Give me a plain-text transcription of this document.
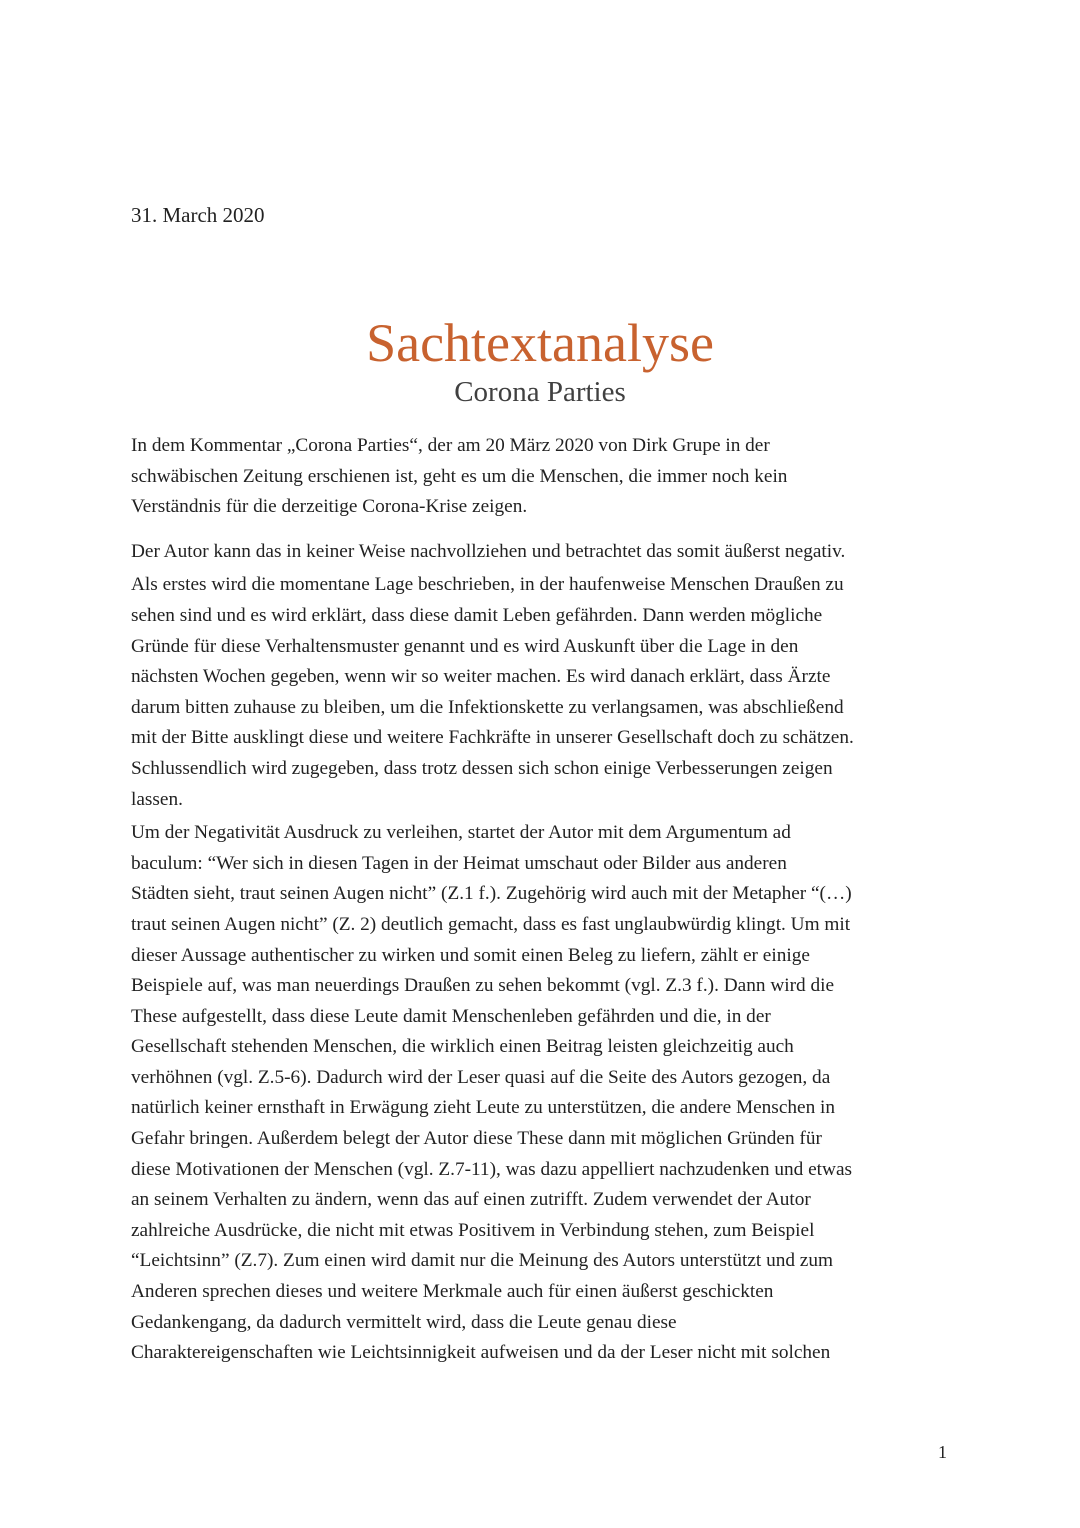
31. March 2020
Sachtextanalyse
Corona Parties

In dem Kommentar „Corona Parties“, der am 20 März 2020 von Dirk Grupe in der
schwäbischen Zeitung erschienen ist, geht es um die Menschen, die immer noch kein
Verständnis für die derzeitige Corona-Krise zeigen.

Der Autor kann das in keiner Weise nachvollziehen und betrachtet das somit äußerst negativ.

Als erstes wird die momentane Lage beschrieben, in der haufenweise Menschen Draußen zu
sehen sind und es wird erklärt, dass diese damit Leben gefährden. Dann werden mögliche
Gründe für diese Verhaltensmuster genannt und es wird Auskunft über die Lage in den
nächsten Wochen gegeben, wenn wir so weiter machen. Es wird danach erklärt, dass Ärzte
darum bitten zuhause zu bleiben, um die Infektionskette zu verlangsamen, was abschließend
mit der Bitte ausklingt diese und weitere Fachkräfte in unserer Gesellschaft doch zu schätzen.
Schlussendlich wird zugegeben, dass trotz dessen sich schon einige Verbesserungen zeigen
lassen.

Um der Negativität Ausdruck zu verleihen, startet der Autor mit dem Argumentum ad
baculum: “Wer sich in diesen Tagen in der Heimat umschaut oder Bilder aus anderen
Städten sieht, traut seinen Augen nicht” (Z.1 f.). Zugehörig wird auch mit der Metapher “(…)
traut seinen Augen nicht” (Z. 2) deutlich gemacht, dass es fast unglaubwürdig klingt. Um mit
dieser Aussage authentischer zu wirken und somit einen Beleg zu liefern, zählt er einige
Beispiele auf, was man neuerdings Draußen zu sehen bekommt (vgl. Z.3 f.). Dann wird die
These aufgestellt, dass diese Leute damit Menschenleben gefährden und die, in der
Gesellschaft stehenden Menschen, die wirklich einen Beitrag leisten gleichzeitig auch
verhöhnen (vgl. Z.5-6). Dadurch wird der Leser quasi auf die Seite des Autors gezogen, da
natürlich keiner ernsthaft in Erwägung zieht Leute zu unterstützen, die andere Menschen in
Gefahr bringen. Außerdem belegt der Autor diese These dann mit möglichen Gründen für
diese Motivationen der Menschen (vgl. Z.7-11), was dazu appelliert nachzudenken und etwas
an seinem Verhalten zu ändern, wenn das auf einen zutrifft. Zudem verwendet der Autor
zahlreiche Ausdrücke, die nicht mit etwas Positivem in Verbindung stehen, zum Beispiel
“Leichtsinn” (Z.7). Zum einen wird damit nur die Meinung des Autors unterstützt und zum
Anderen sprechen dieses und weitere Merkmale auch für einen äußerst geschickten
Gedankengang, da dadurch vermittelt wird, dass die Leute genau diese
Charaktereigenschaften wie Leichtsinnigkeit aufweisen und da der Leser nicht mit solchen

1
